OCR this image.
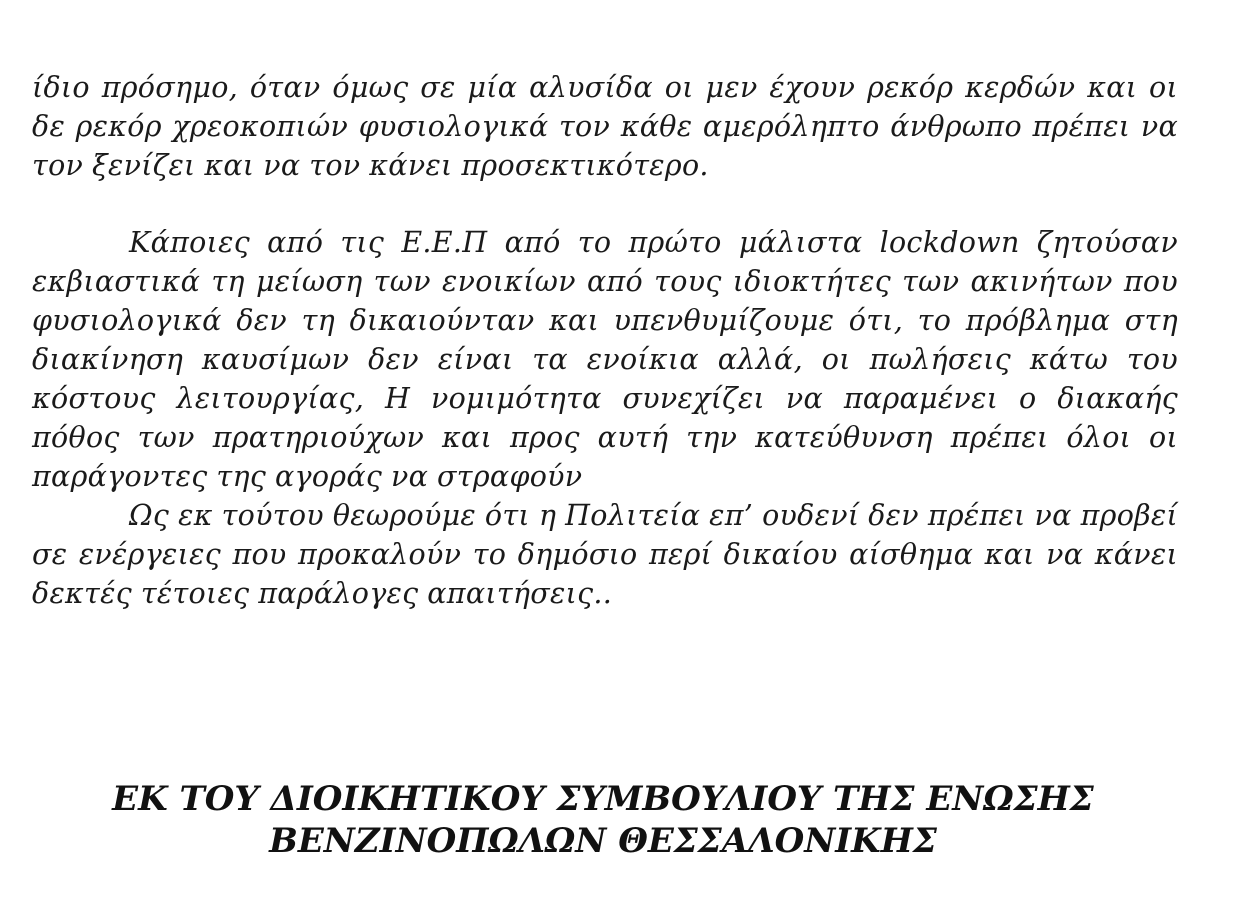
ίδιο πρόσημο, όταν όμως σε μία αλυσίδα οι μεν έχουν ρεκόρ κερδών και οι δε ρεκόρ χρεοκοπιών φυσιολογικά τον κάθε αμερόληπτο άνθρωπο πρέπει να τον ξενίζει και να τον κάνει προσεκτικότερο.

Κάποιες από τις Ε.Ε.Π από το πρώτο μάλιστα lockdown ζητούσαν εκβιαστικά τη μείωση των ενοικίων από τους ιδιοκτήτες των ακινήτων που φυσιολογικά δεν τη δικαιούνταν και υπενθυμίζουμε ότι, το πρόβλημα στη διακίνηση καυσίμων δεν είναι τα ενοίκια αλλά, οι πωλήσεις κάτω του κόστους λειτουργίας, Η νομιμότητα συνεχίζει να παραμένει ο διακαής πόθος των πρατηριούχων και προς αυτή την κατεύθυνση πρέπει όλοι οι παράγοντες της αγοράς να στραφούν

Ως εκ τούτου θεωρούμε ότι η Πολιτεία επ’ ουδενί δεν πρέπει να προβεί σε ενέργειες που προκαλούν το δημόσιο περί δικαίου αίσθημα και να κάνει δεκτές τέτοιες παράλογες απαιτήσεις..

ΕΚ ΤΟΥ ΔΙΟΙΚΗΤΙΚΟΥ ΣΥΜΒΟΥΛΙΟΥ ΤΗΣ ΕΝΩΣΗΣ
ΒΕΝΖΙΝΟΠΩΛΩΝ ΘΕΣΣΑΛΟΝΙΚΗΣ
